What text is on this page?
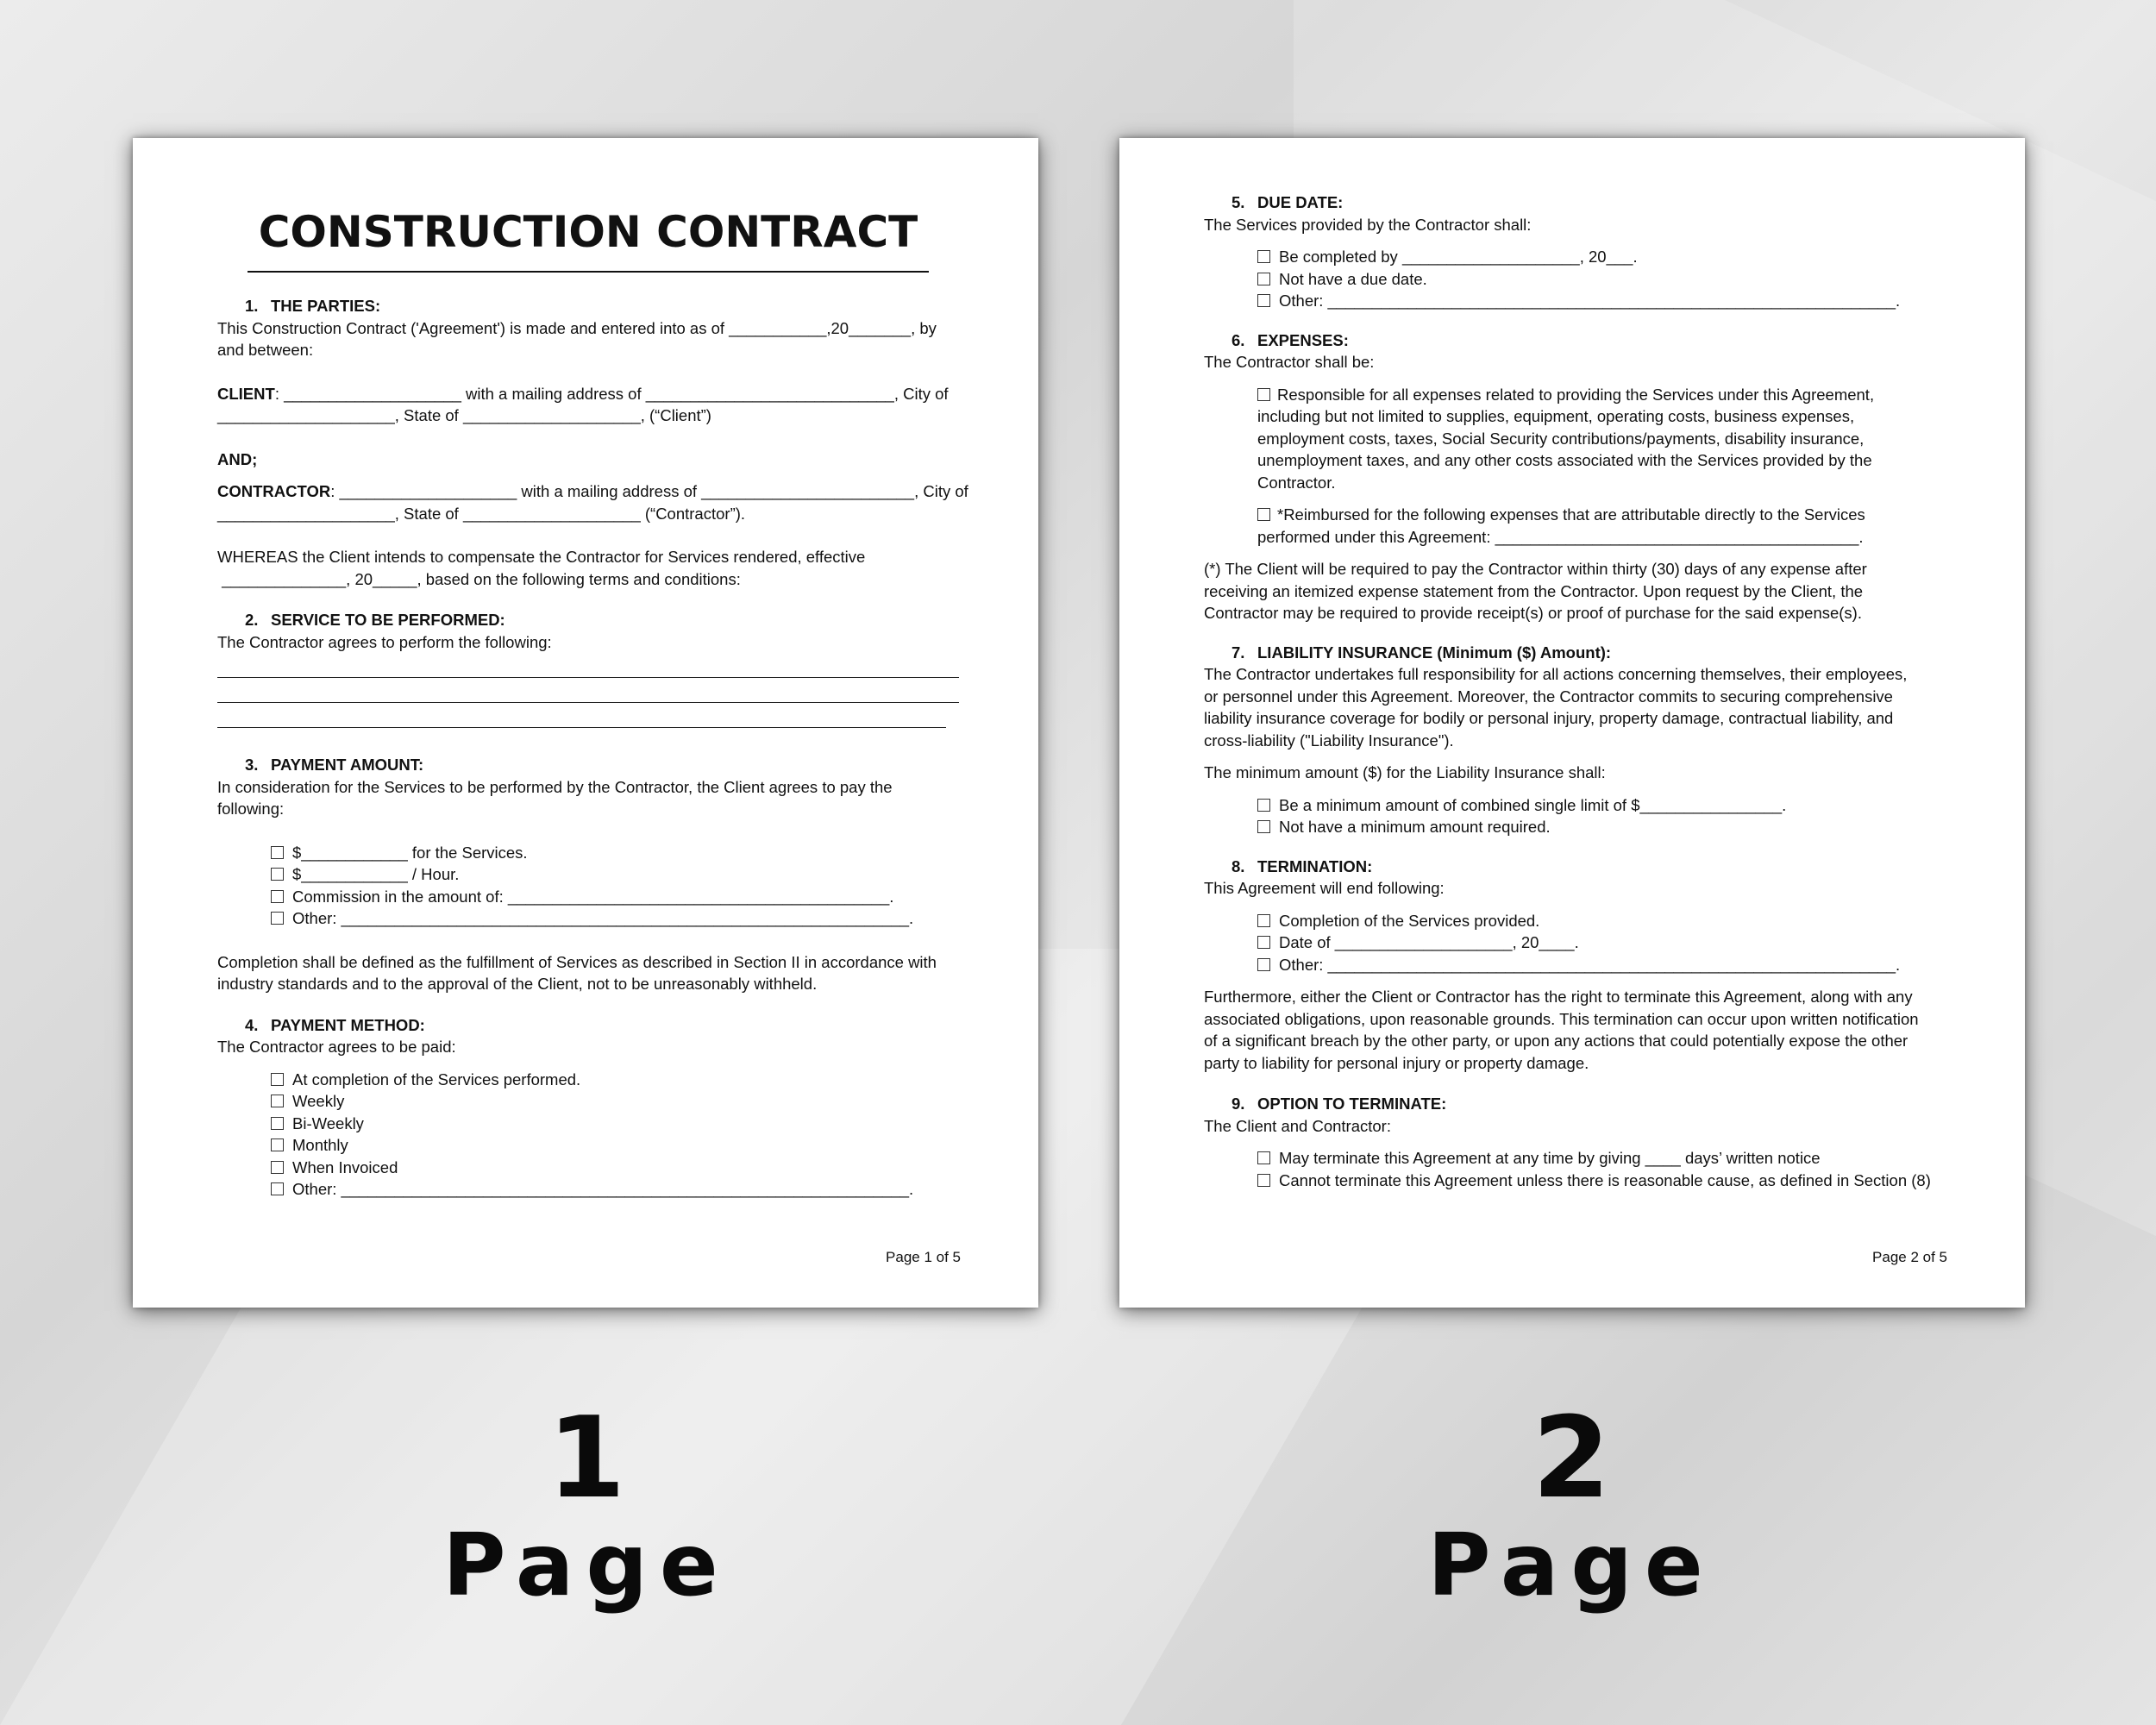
CONSTRUCTION CONTRACT
1. THE PARTIES:
This Construction Contract ('Agreement') is made and entered into as of ___________,20_______, by
and between:
CLIENT: ____________________ with a mailing address of ____________________________, City of
____________________, State of ____________________, (“Client”)
AND;
CONTRACTOR: ____________________ with a mailing address of ________________________, City of
____________________, State of ____________________ (“Contractor”).
WHEREAS the Client intends to compensate the Contractor for Services rendered, effective
______________, 20_____, based on the following terms and conditions:
2. SERVICE TO BE PERFORMED:
The Contractor agrees to perform the following:
3. PAYMENT AMOUNT:
In consideration for the Services to be performed by the Contractor, the Client agrees to pay the
following:
$____________ for the Services.
$____________ / Hour.
Commission in the amount of: ___________________________________________.
Other: ________________________________________________________________.
Completion shall be defined as the fulfillment of Services as described in Section II in accordance with
industry standards and to the approval of the Client, not to be unreasonably withheld.
4. PAYMENT METHOD:
The Contractor agrees to be paid:
At completion of the Services performed.
Weekly
Bi-Weekly
Monthly
When Invoiced
Other: ________________________________________________________________.
Page 1 of 5
5. DUE DATE:
The Services provided by the Contractor shall:
Be completed by ____________________, 20___.
Not have a due date.
Other: ________________________________________________________________.
6. EXPENSES:
The Contractor shall be:
Responsible for all expenses related to providing the Services under this Agreement,
including but not limited to supplies, equipment, operating costs, business expenses,
employment costs, taxes, Social Security contributions/payments, disability insurance,
unemployment taxes, and any other costs associated with the Services provided by the
Contractor.
*Reimbursed for the following expenses that are attributable directly to the Services
performed under this Agreement: _________________________________________.
(*) The Client will be required to pay the Contractor within thirty (30) days of any expense after
receiving an itemized expense statement from the Contractor. Upon request by the Client, the
Contractor may be required to provide receipt(s) or proof of purchase for the said expense(s).
7. LIABILITY INSURANCE (Minimum ($) Amount):
The Contractor undertakes full responsibility for all actions concerning themselves, their employees,
or personnel under this Agreement. Moreover, the Contractor commits to securing comprehensive
liability insurance coverage for bodily or personal injury, property damage, contractual liability, and
cross-liability ("Liability Insurance").
The minimum amount ($) for the Liability Insurance shall:
Be a minimum amount of combined single limit of $________________.
Not have a minimum amount required.
8. TERMINATION:
This Agreement will end following:
Completion of the Services provided.
Date of ____________________, 20____.
Other: ________________________________________________________________.
Furthermore, either the Client or Contractor has the right to terminate this Agreement, along with any
associated obligations, upon reasonable grounds. This termination can occur upon written notification
of a significant breach by the other party, or upon any actions that could potentially expose the other
party to liability for personal injury or property damage.
9. OPTION TO TERMINATE:
The Client and Contractor:
May terminate this Agreement at any time by giving ____ days’ written notice
Cannot terminate this Agreement unless there is reasonable cause, as defined in Section (8)
Page 2 of 5
1
Page
2
Page
